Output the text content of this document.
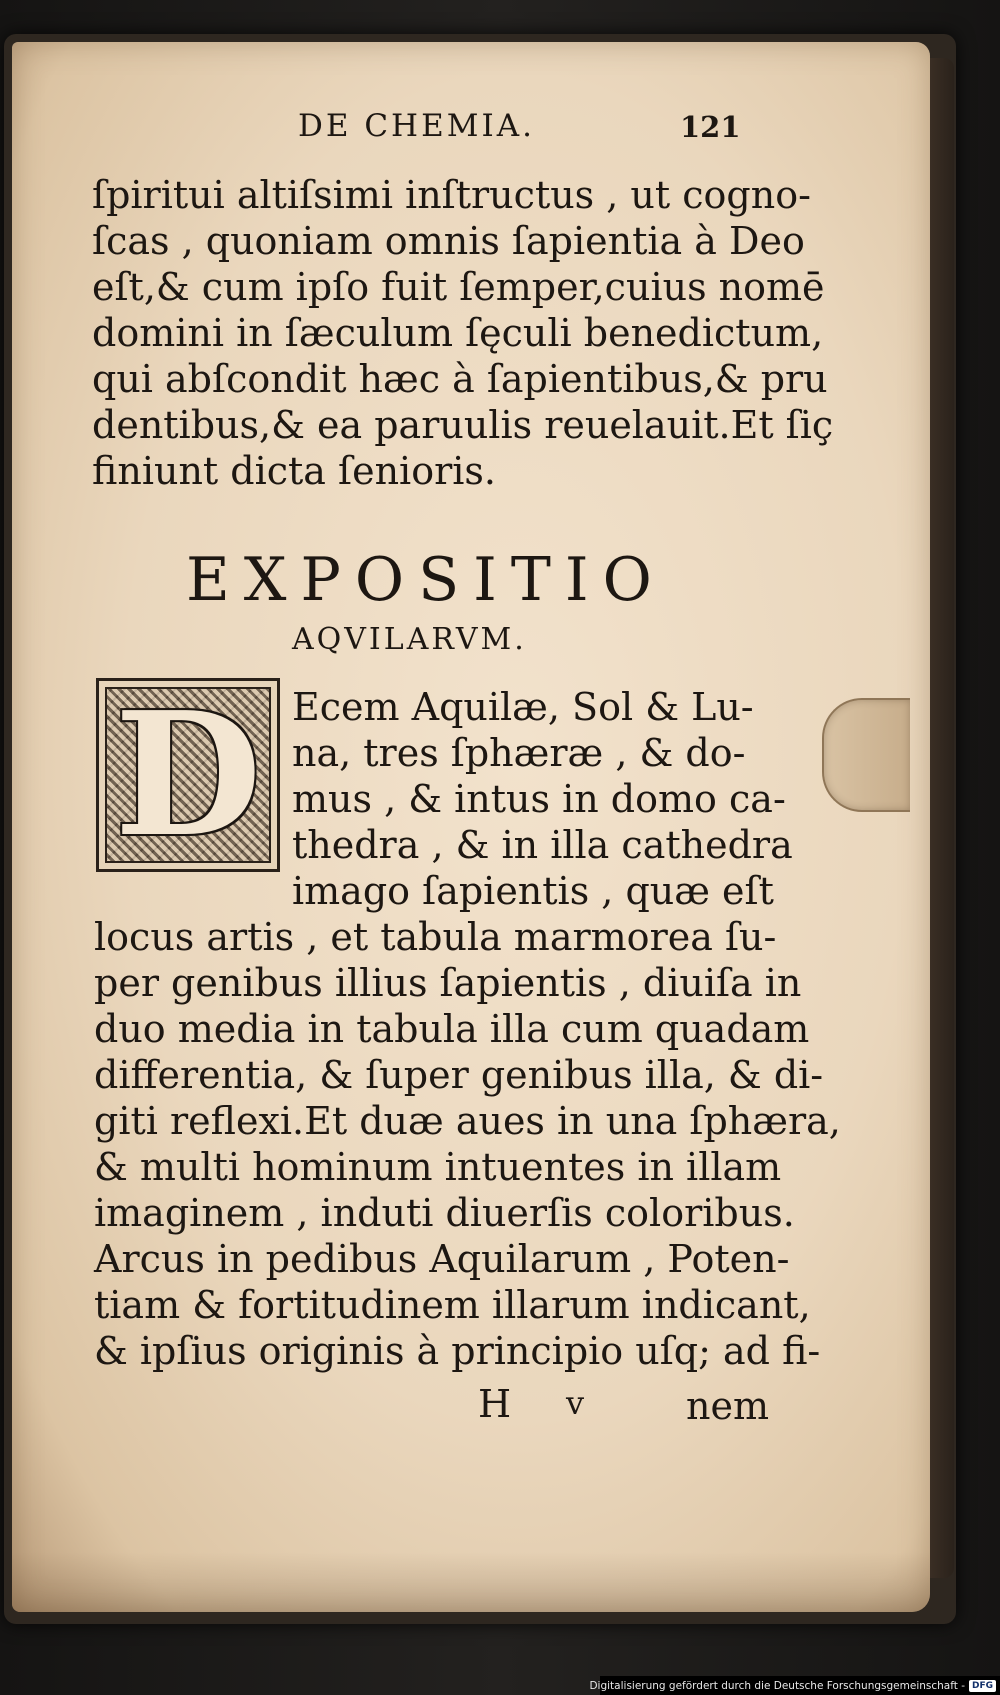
DE CHEMIA.	121
ſpiritui altiſsimi inſtructus , ut cogno-
ſcas , quoniam omnis ſapientia à Deo
eſt,& cum ipſo fuit ſemper,cuius nomē
domini in ſæculum ſęculi benedictum,
qui abſcondit hæc à ſapientibus,& pru
dentibus,& ea paruulis reuelauit.Et ſiç
finiunt dicta ſenioris.
EXPOSITIO
AQVILARVM.
D Ecem Aquilæ, Sol & Lu-
na, tres ſphæræ , & do-
mus , & intus in domo ca-
thedra , & in illa cathedra
imago ſapientis , quæ eſt
locus artis , et tabula marmorea ſu-
per genibus illius ſapientis , diuiſa in
duo media in tabula illa cum quadam
differentia, & ſuper genibus illa, & di-
giti reflexi.Et duæ aues in una ſphæra,
& multi hominum intuentes in illam
imaginem , induti diuerſis coloribus.
Arcus in pedibus Aquilarum , Poten-
tiam & fortitudinem illarum indicant,
& ipſius originis à principio uſq; ad fi-
H v	nem
Digitalisierung gefördert durch die Deutsche Forschungsgemeinschaft - DFG
